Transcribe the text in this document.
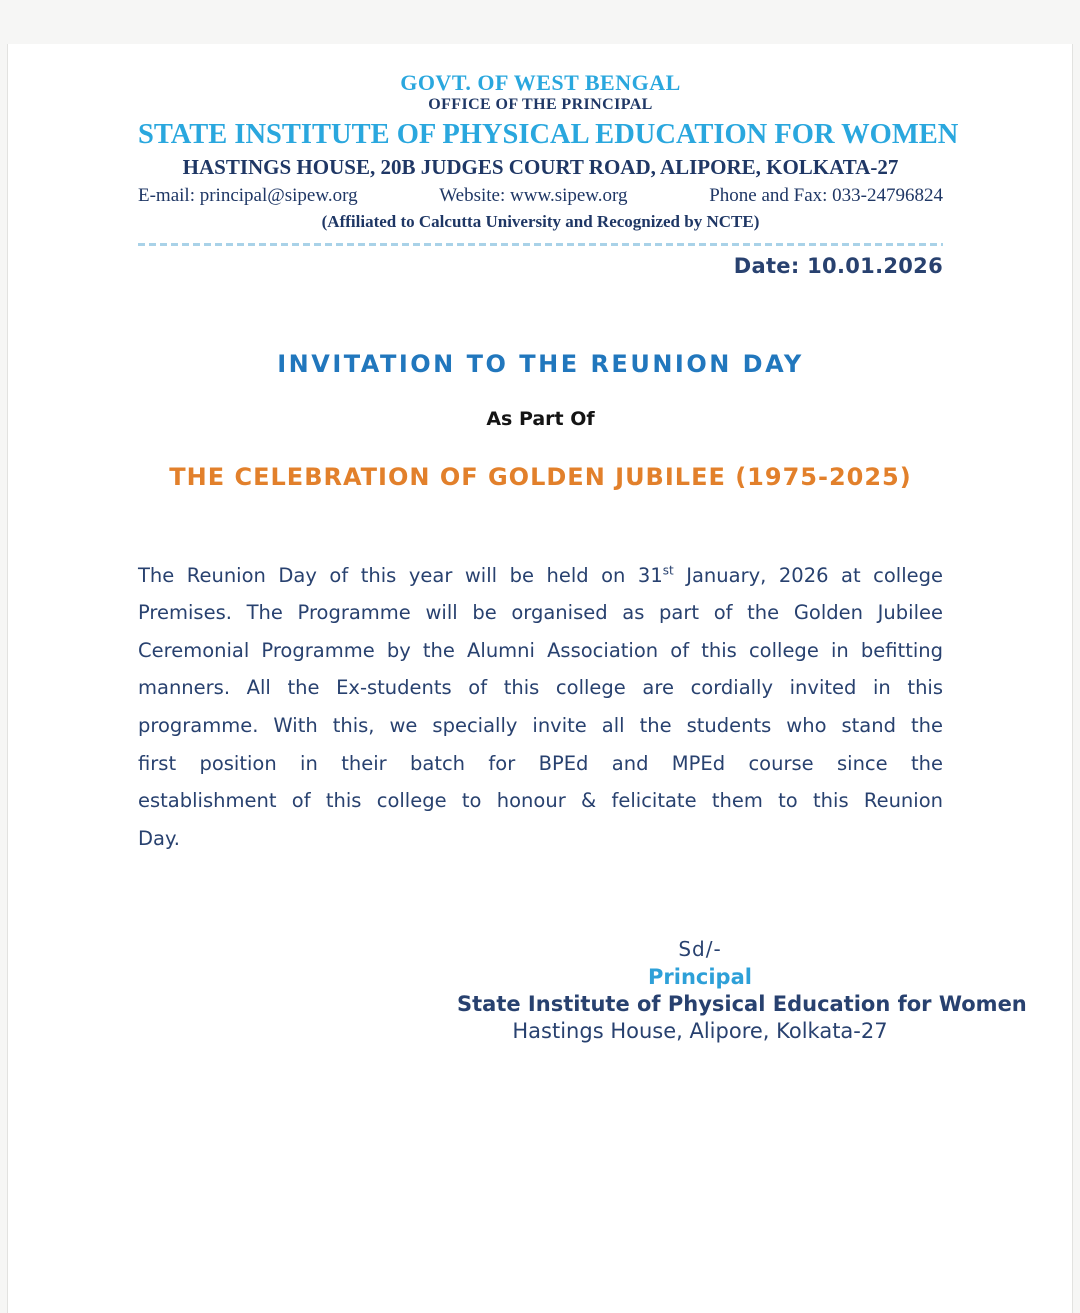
GOVT. OF WEST BENGAL
OFFICE OF THE PRINCIPAL
STATE INSTITUTE OF PHYSICAL EDUCATION FOR WOMEN
HASTINGS HOUSE, 20B JUDGES COURT ROAD, ALIPORE, KOLKATA-27
E-mail: principal@sipew.org	Website: www.sipew.org	Phone and Fax: 033-24796824
(Affiliated to Calcutta University and Recognized by NCTE)
Date: 10.01.2026
INVITATION TO THE REUNION DAY
As Part Of
THE CELEBRATION OF GOLDEN JUBILEE (1975-2025)

The Reunion Day of this year will be held on 31st January, 2026 at college Premises. The Programme will be organised as part of the Golden Jubilee Ceremonial Programme by the Alumni Association of this college in befitting manners. All the Ex-students of this college are cordially invited in this programme. With this, we specially invite all the students who stand the first position in their batch for BPEd and MPEd course since the establishment of this college to honour & felicitate them to this Reunion Day.

Sd/-
Principal
State Institute of Physical Education for Women
Hastings House, Alipore, Kolkata-27
